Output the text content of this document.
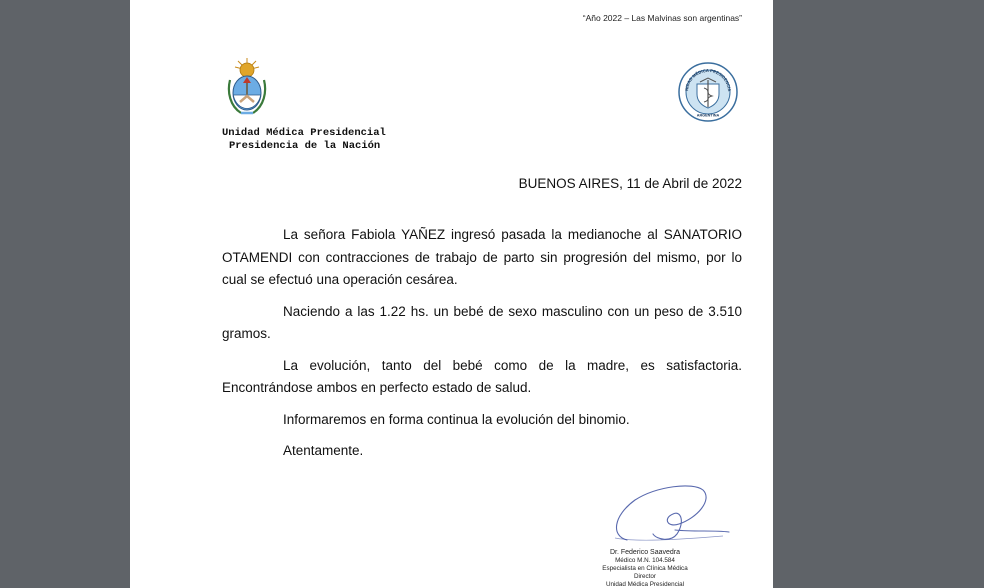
“Año 2022 – Las Malvinas son argentinas”
NIDAD MÉDICA PRESIDENCIA
ARGENTINA
Unidad Médica Presidencial
Presidencia de la Nación
BUENOS AIRES, 11 de Abril de 2022

La señora Fabiola YAÑEZ ingresó pasada la medianoche al SANATORIO OTAMENDI con contracciones de trabajo de parto sin progresión del mismo, por lo cual se efectuó una operación cesárea.

Naciendo a las 1.22 hs. un bebé de sexo masculino con un peso de 3.510 gramos.

La evolución, tanto del bebé como de la madre, es satisfactoria. Encontrándose ambos en perfecto estado de salud.

Informaremos en forma continua la evolución del binomio.

Atentamente.

Dr. Federico Saavedra
Médico M.N. 104.584
Especialista en Clínica Médica
Director
Unidad Médica Presidencial
